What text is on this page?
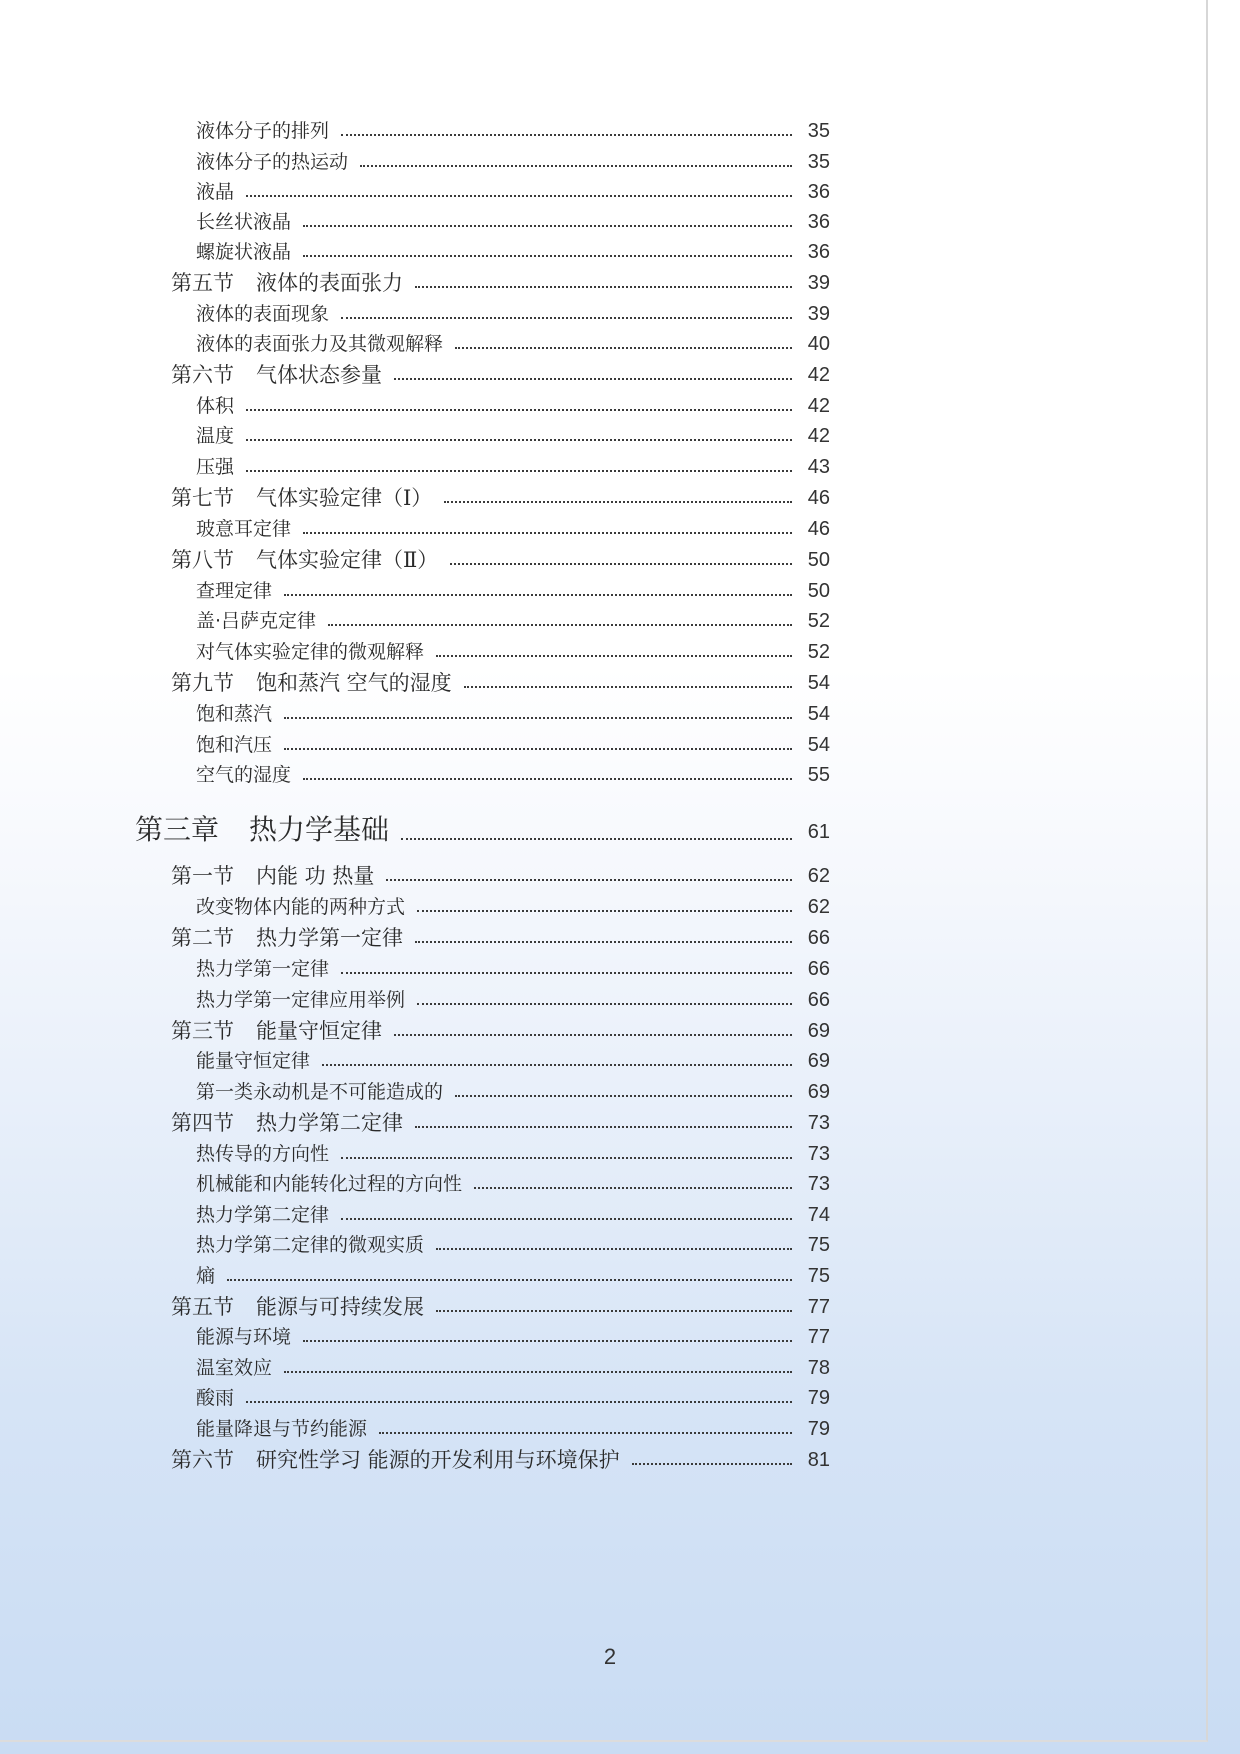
液体分子的排列	35
液体分子的热运动	35
液晶	36
长丝状液晶	36
螺旋状液晶	36
第五节 液体的表面张力	39
液体的表面现象	39
液体的表面张力及其微观解释	40
第六节 气体状态参量	42
体积	42
温度	42
压强	43
第七节 气体实验定律（Ⅰ）	46
玻意耳定律	46
第八节 气体实验定律（Ⅱ）	50
查理定律	50
盖·吕萨克定律	52
对气体实验定律的微观解释	52
第九节 饱和蒸汽 空气的湿度	54
饱和蒸汽	54
饱和汽压	54
空气的湿度	55
第三章 热力学基础	61
第一节 内能 功 热量	62
改变物体内能的两种方式	62
第二节 热力学第一定律	66
热力学第一定律	66
热力学第一定律应用举例	66
第三节 能量守恒定律	69
能量守恒定律	69
第一类永动机是不可能造成的	69
第四节 热力学第二定律	73
热传导的方向性	73
机械能和内能转化过程的方向性	73
热力学第二定律	74
热力学第二定律的微观实质	75
熵	75
第五节 能源与可持续发展	77
能源与环境	77
温室效应	78
酸雨	79
能量降退与节约能源	79
第六节 研究性学习 能源的开发利用与环境保护	81
2
